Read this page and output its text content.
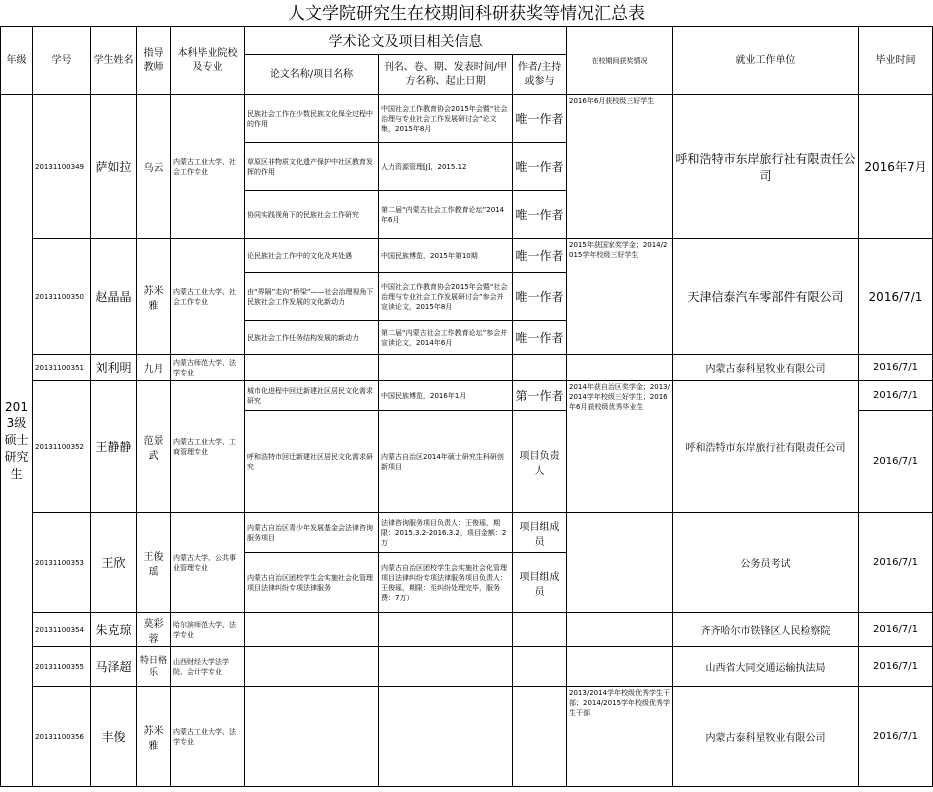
人文学院研究生在校期间科研获奖等情况汇总表
年级	学号	学生姓名	指导教师	本科毕业院校及专业	学术论文及项目相关信息			在校期间获奖情况	就业工作单位	毕业时间
					论文名称/项目名称	刊名、卷、期、发表时间/甲方名称、起止日期	作者/主持或参与			
2013级硕士研究生	20131100349	萨如拉	乌云	内蒙古工业大学、社会工作专业	民族社会工作在少数民族文化保全过程中的作用	中国社会工作教育协会2015年会暨“社会治理与专业社会工作发展研讨会”论文集，2015年8月	唯一作者	2016年6月获校级三好学生	呼和浩特市东岸旅行社有限责任公司	2016年7月
					草原区非物质文化遗产保护中社区教育发挥的作用	人力资源管理[J]，2015.12	唯一作者			
					协同实践视角下的民族社会工作研究	第二届“内蒙古社会工作教育论坛”2014年6月	唯一作者			
	20131100350	赵晶晶	苏米雅	内蒙古工业大学、社会工作专业	论民族社会工作中的文化及其处遇	中国民族博览，2015年第10期	唯一作者	2015年获国家奖学金；2014/2015学年校级三好学生	天津信泰汽车零部件有限公司	2016/7/1
					由“界隔”走向“桥梁”——社会治理视角下民族社会工作发展的文化新动力	中国社会工作教育协会2015年会暨“社会治理与专业社会工作发展研讨会”参会并宣读论文，2015年8月	唯一作者			
					民族社会工作任务结构发展的新动力	第二届“内蒙古社会工作教育论坛”参会并宣读论文，2014年6月	唯一作者			
	20131100351	刘利明	九月	内蒙古师范大学、法学专业					内蒙古泰科星牧业有限公司	2016/7/1
	20131100352	王静静	范景武	内蒙古工业大学、工商管理专业	城市化进程中回迁新建社区居民文化需求研究	中国民族博览，2016年1月	第一作者	2014年获自治区奖学金；2013/2014学年校级三好学生；2016年6月获校级优秀毕业生	呼和浩特市东岸旅行社有限责任公司	2016/7/1
					呼和浩特市回迁新建社区居民文化需求研究	内蒙古自治区2014年硕士研究生科研创新项目	项目负责人			2016/7/1
	20131100353	王欣	王俊瑶	内蒙古大学、公共事业管理专业	内蒙古自治区青少年发展基金会法律咨询服务项目	法律咨询服务项目负责人：王俊瑶，期限：2015.3.2-2016.3.2，项目金额：2万	项目组成员		公务员考试	2016/7/1
					内蒙古自治区团校学生会实施社会化管理项目法律纠纷专项法律服务	内蒙古自治区团校学生会实施社会化管理项目法律纠纷专项法律服务项目负责人：王俊瑶，期限：至纠纷处理完毕，服务费：7万）	项目组成员			
	20131100354	朱克琼	莫彩蓉	哈尔滨师范大学、法学专业					齐齐哈尔市铁锋区人民检察院	2016/7/1
	20131100355	马泽超	特日格乐	山西财经大学法学院、会计学专业					山西省大同交通运输执法局	2016/7/1
	20131100356	丰俊	苏米雅	内蒙古工业大学、法学专业				2013/2014学年校级优秀学生干部；2014/2015学年校级优秀学生干部	内蒙古泰科星牧业有限公司	2016/7/1
